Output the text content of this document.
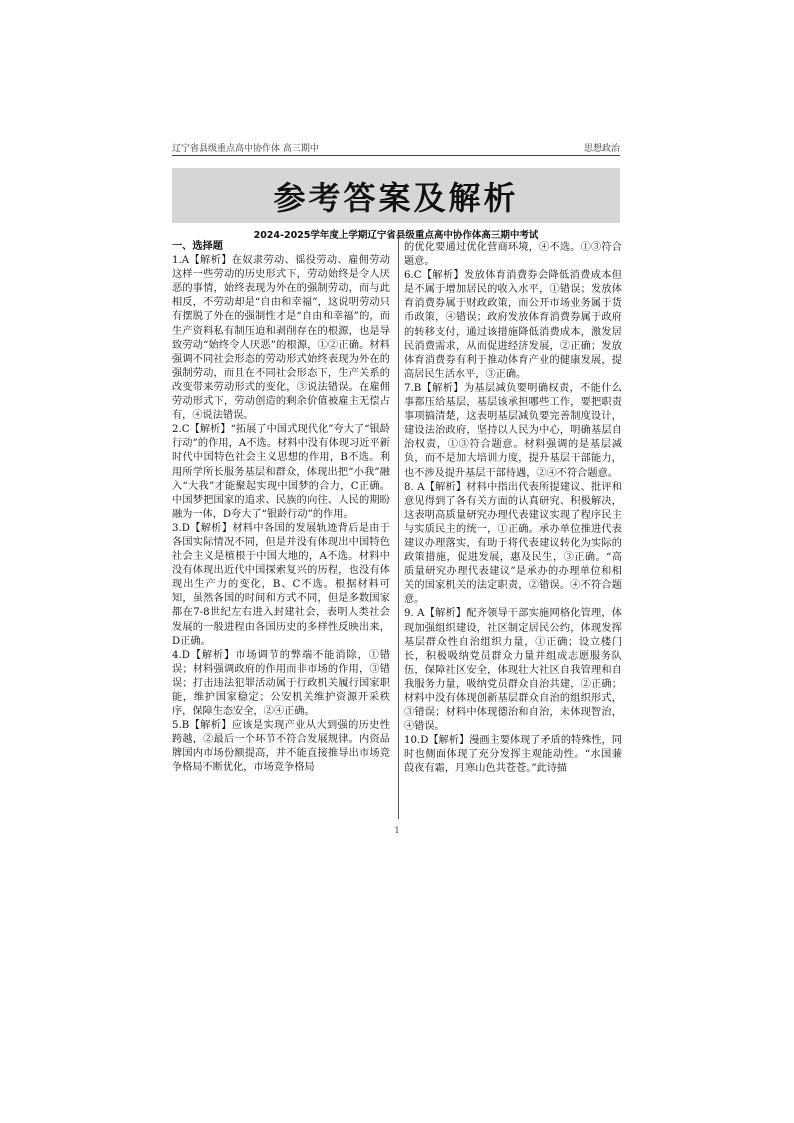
辽宁省县级重点高中协作体 高三期中	思想政治
参考答案及解析
2024-2025学年度上学期辽宁省县级重点高中协作体高三期中考试
一、选择题

1.A【解析】在奴隶劳动、徭役劳动、雇佣劳动这样一些劳动的历史形式下，劳动始终是令人厌恶的事情，始终表现为外在的强制劳动，而与此相反，不劳动却是“自由和幸福”，这说明劳动只有摆脱了外在的强制性才是“自由和幸福”的，而生产资料私有制压迫和剥削存在的根源，也是导致劳动“始终令人厌恶”的根源，①②正确。材料强调不同社会形态的劳动形式始终表现为外在的强制劳动，而且在不同社会形态下，生产关系的改变带来劳动形式的变化，③说法错误。在雇佣劳动形式下，劳动创造的剩余价值被雇主无偿占有，④说法错误。

2.C【解析】“拓展了中国式现代化”夸大了“银龄行动”的作用，A不选。材料中没有体现习近平新时代中国特色社会主义思想的作用，B不选。利用所学所长服务基层和群众，体现出把“小我”融入“大我”才能聚起实现中国梦的合力，C正确。中国梦把国家的追求、民族的向往、人民的期盼融为一体，D夸大了“银龄行动”的作用。

3.D【解析】材料中各国的发展轨迹背后是由于各国实际情况不同，但是并没有体现出中国特色社会主义是植根于中国大地的，A不选。材料中没有体现出近代中国探索复兴的历程，也没有体现出生产力的变化，B、C不选。根据材料可知，虽然各国的时间和方式不同，但是多数国家都在7-8世纪左右进入封建社会，表明人类社会发展的一般进程由各国历史的多样性反映出来，D正确。

4.D【解析】市场调节的弊端不能消除，①错误；材料强调政府的作用而非市场的作用，③错误；打击违法犯罪活动属于行政机关履行国家职能，维护国家稳定；公安机关维护资源开采秩序，保障生态安全，②④正确。

5.B【解析】应该是实现产业从大到强的历史性跨越，②最后一个环节不符合发展规律。内资品牌国内市场份额提高，并不能直接推导出市场竞争格局不断优化，市场竞争格局

的优化要通过优化营商环境，④不选。①③符合题意。

6.C【解析】发放体育消费券会降低消费成本但是不属于增加居民的收入水平，①错误；发放体育消费券属于财政政策，而公开市场业务属于货币政策，④错误；政府发放体育消费券属于政府的转移支付，通过该措施降低消费成本，激发居民消费需求，从而促进经济发展，②正确；发放体育消费券有利于推动体育产业的健康发展，提高居民生活水平，③正确。

7.B【解析】为基层减负要明确权责，不能什么事都压给基层，基层该承担哪些工作，要把职责事项搞清楚，这表明基层减负要完善制度设计，建设法治政府，坚持以人民为中心，明确基层自治权责，①③符合题意。材料强调的是基层减负，而不是加大培训力度，提升基层干部能力，也不涉及提升基层干部待遇，②④不符合题意。

8. A【解析】材料中指出代表所提建议、批评和意见得到了各有关方面的认真研究、积极解决，这表明高质量研究办理代表建议实现了程序民主与实质民主的统一，①正确。承办单位推进代表建议办理落实，有助于将代表建议转化为实际的政策措施，促进发展，惠及民生，③正确。“高质量研究办理代表建议”是承办的办理单位和相关的国家机关的法定职责，②错误。④不符合题意。

9. A【解析】配齐领导干部实施网格化管理，体现加强组织建设，社区制定居民公约，体现发挥基层群众性自治组织力量，①正确；设立楼门长，积极吸纳党员群众力量并组成志愿服务队伍，保障社区安全，体现壮大社区自我管理和自我服务力量，吸纳党员群众自治共建，②正确；材料中没有体现创新基层群众自治的组织形式，③错误；材料中体现德治和自治，未体现智治，④错误。

10.D【解析】漫画主要体现了矛盾的特殊性，同时也侧面体现了充分发挥主观能动性。“水国蒹葭夜有霜，月寒山色共苍苍。”此诗描

1
